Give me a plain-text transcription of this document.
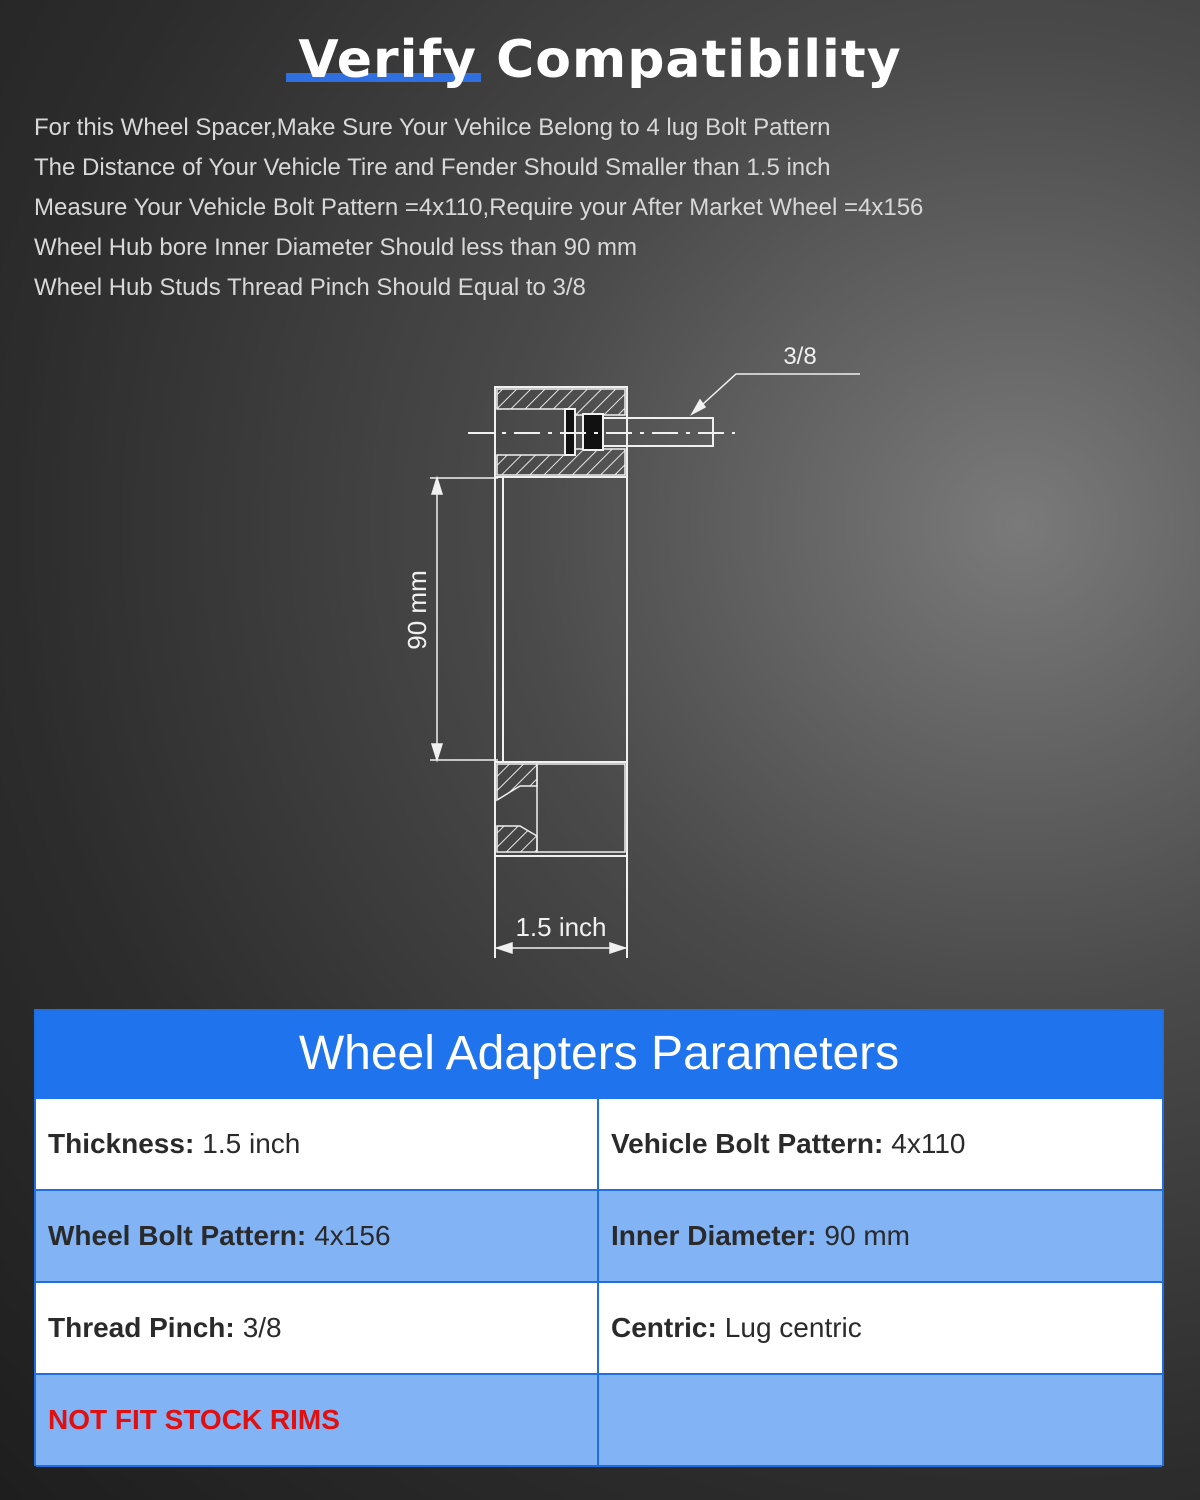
Verify Compatibility
For this Wheel Spacer,Make Sure Your Vehilce Belong to 4 lug Bolt Pattern
The Distance of Your Vehicle Tire and Fender Should Smaller than 1.5 inch
Measure Your Vehicle Bolt Pattern =4x110,Require your After Market Wheel =4x156
Wheel Hub bore Inner Diameter Should less than 90 mm
Wheel Hub Studs Thread Pinch Should Equal to 3/8
3/8
90 mm
1.5 inch
Wheel Adapters Parameters
Thickness: 1.5 inch	Vehicle Bolt Pattern: 4x110
Wheel Bolt Pattern: 4x156	Inner Diameter: 90 mm
Thread Pinch: 3/8	Centric: Lug centric
NOT FIT STOCK RIMS
